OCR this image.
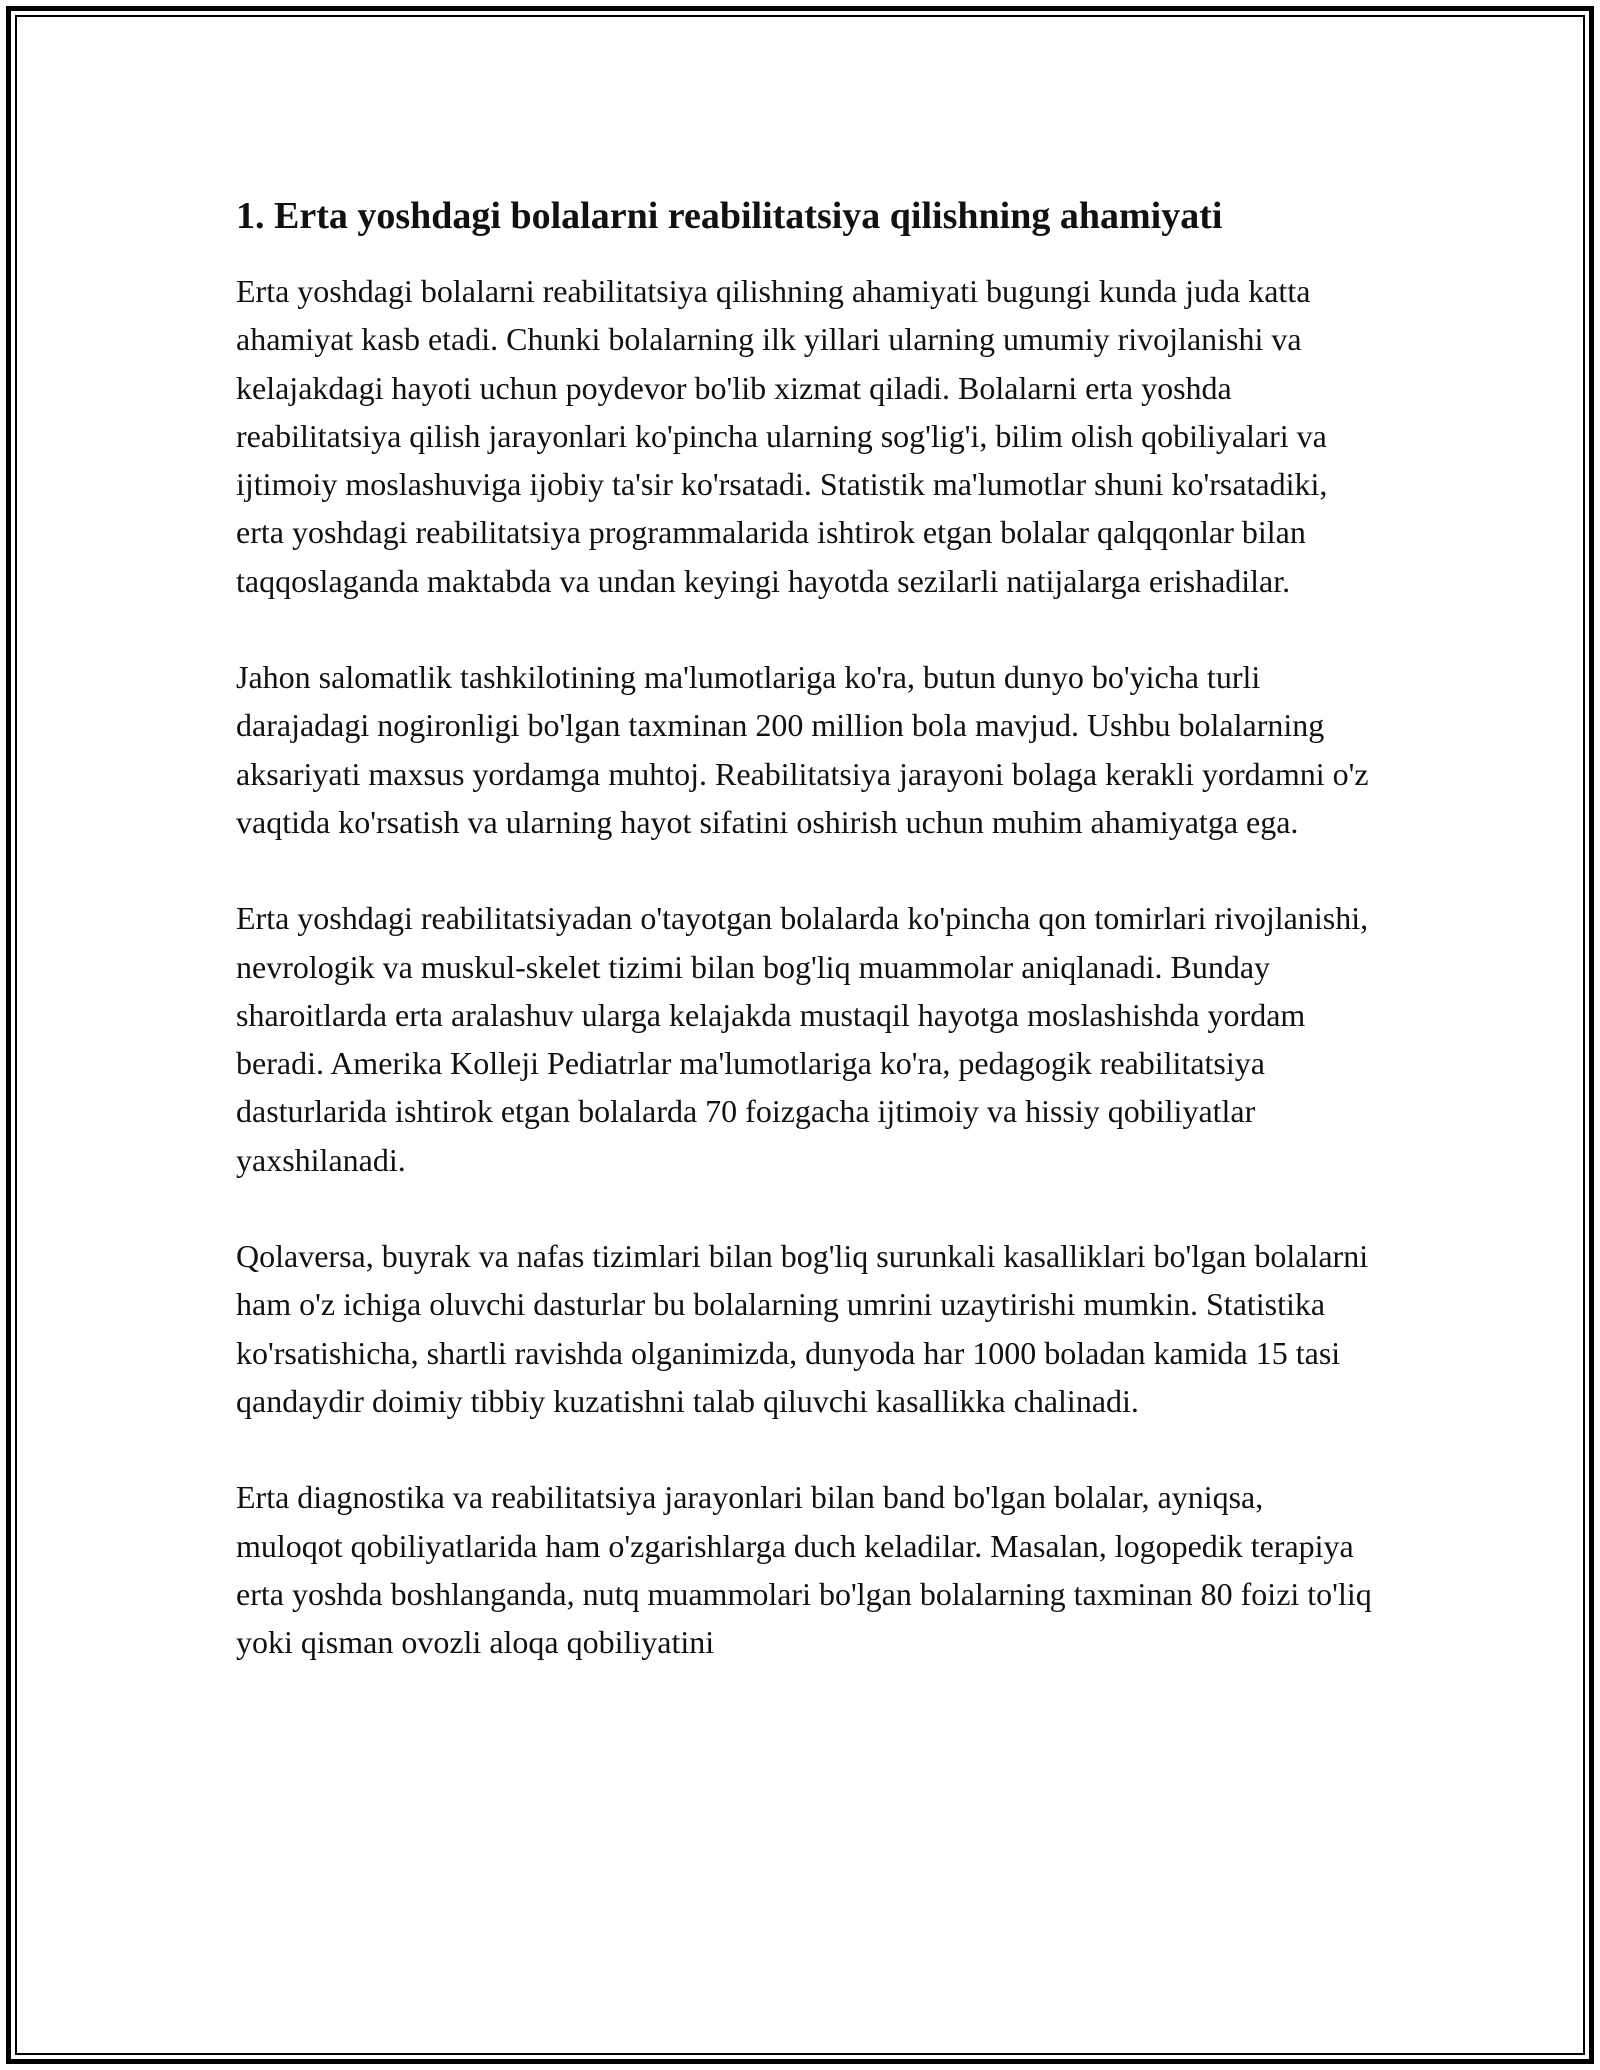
1. Erta yoshdagi bolalarni reabilitatsiya qilishning ahamiyati

Erta yoshdagi bolalarni reabilitatsiya qilishning ahamiyati bugungi kunda juda katta ahamiyat kasb etadi. Chunki bolalarning ilk yillari ularning umumiy rivojlanishi va kelajakdagi hayoti uchun poydevor bo'lib xizmat qiladi. Bolalarni erta yoshda reabilitatsiya qilish jarayonlari ko'pincha ularning sog'lig'i, bilim olish qobiliyalari va ijtimoiy moslashuviga ijobiy ta'sir ko'rsatadi. Statistik ma'lumotlar shuni ko'rsatadiki, erta yoshdagi reabilitatsiya programmalarida ishtirok etgan bolalar qalqqonlar bilan taqqoslaganda maktabda va undan keyingi hayotda sezilarli natijalarga erishadilar.

Jahon salomatlik tashkilotining ma'lumotlariga ko'ra, butun dunyo bo'yicha turli darajadagi nogironligi bo'lgan taxminan 200 million bola mavjud. Ushbu bolalarning aksariyati maxsus yordamga muhtoj. Reabilitatsiya jarayoni bolaga kerakli yordamni o'z vaqtida ko'rsatish va ularning hayot sifatini oshirish uchun muhim ahamiyatga ega.

Erta yoshdagi reabilitatsiyadan o'tayotgan bolalarda ko'pincha qon tomirlari rivojlanishi, nevrologik va muskul-skelet tizimi bilan bog'liq muammolar aniqlanadi. Bunday sharoitlarda erta aralashuv ularga kelajakda mustaqil hayotga moslashishda yordam beradi. Amerika Kolleji Pediatrlar ma'lumotlariga ko'ra, pedagogik reabilitatsiya dasturlarida ishtirok etgan bolalarda 70 foizgacha ijtimoiy va hissiy qobiliyatlar yaxshilanadi.

Qolaversa, buyrak va nafas tizimlari bilan bog'liq surunkali kasalliklari bo'lgan bolalarni ham o'z ichiga oluvchi dasturlar bu bolalarning umrini uzaytirishi mumkin. Statistika ko'rsatishicha, shartli ravishda olganimizda, dunyoda har 1000 boladan kamida 15 tasi qandaydir doimiy tibbiy kuzatishni talab qiluvchi kasallikka chalinadi.

Erta diagnostika va reabilitatsiya jarayonlari bilan band bo'lgan bolalar, ayniqsa, muloqot qobiliyatlarida ham o'zgarishlarga duch keladilar. Masalan, logopedik terapiya erta yoshda boshlanganda, nutq muammolari bo'lgan bolalarning taxminan 80 foizi to'liq yoki qisman ovozli aloqa qobiliyatini
